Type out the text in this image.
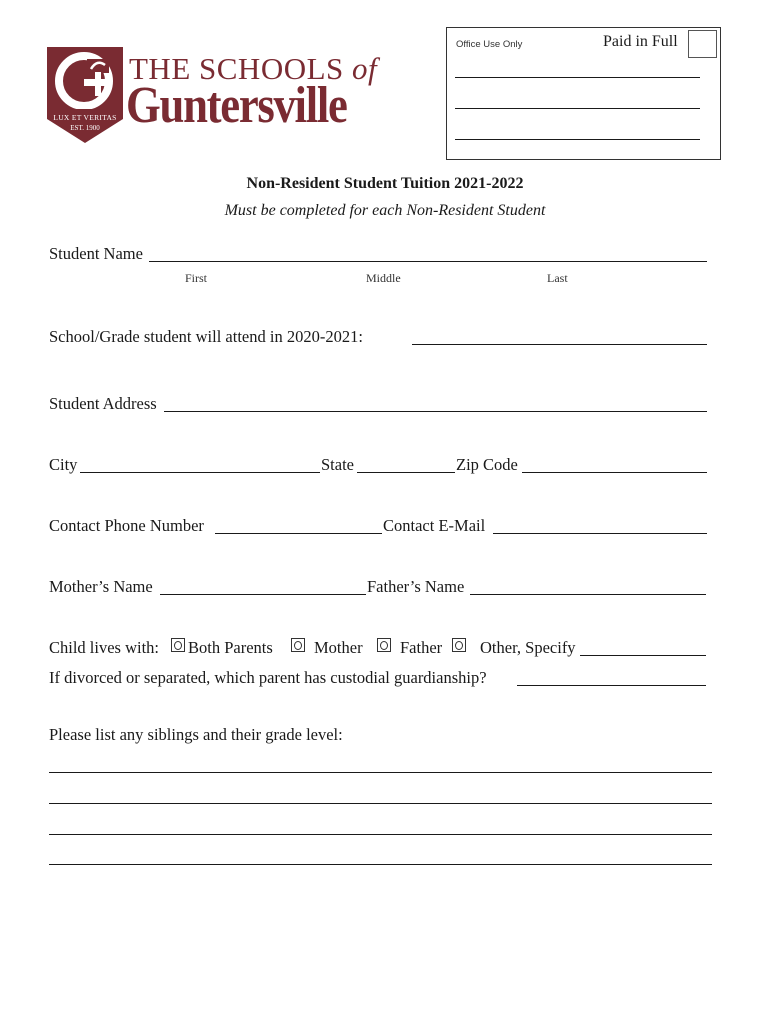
LUX ET VERITAS
EST. 1900
THE SCHOOLS of
Guntersville
Office Use Only	Paid in Full
Non-Resident Student Tuition 2021-2022
Must be completed for each Non-Resident Student
Student Name
First	Middle	Last
School/Grade student will attend in 2020-2021:
Student Address
City	State	Zip Code
Contact Phone Number	Contact E-Mail
Mother’s Name	Father’s Name
Child lives with: Both Parents Mother Father Other, Specify
If divorced or separated, which parent has custodial guardianship?
Please list any siblings and their grade level:
